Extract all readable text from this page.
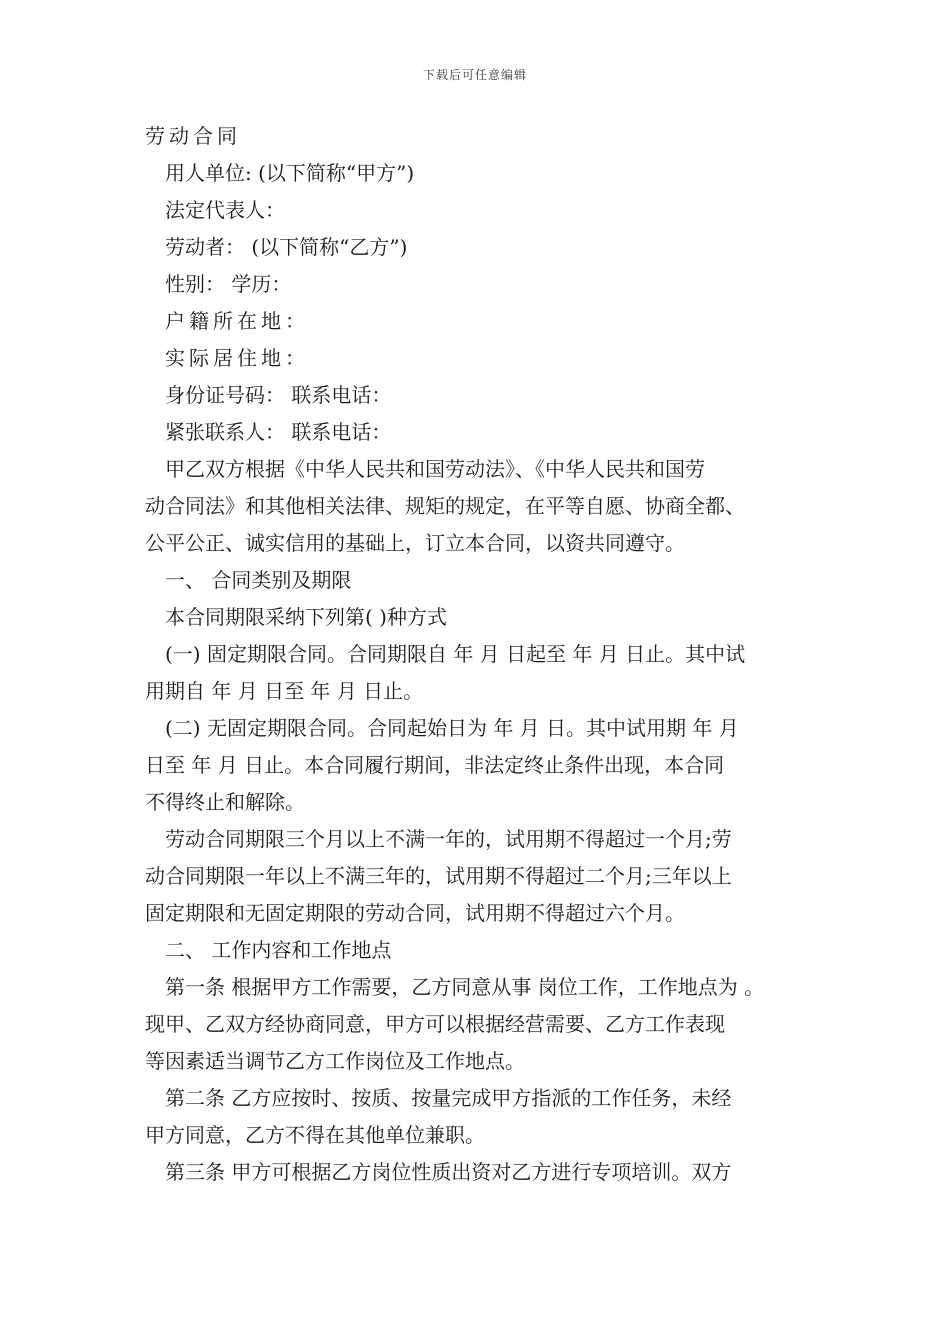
下载后可任意编辑
劳动合同
用人单位: (以下简称“甲方”)
法定代表人：
劳动者： (以下简称“乙方”)
性别： 学历：
户籍所在地：
实际居住地：
身份证号码： 联系电话：
紧张联系人： 联系电话：
甲乙双方根据《中华人民共和国劳动法》、《中华人民共和国劳
动合同法》和其他相关法律、规矩的规定，在平等自愿、协商全都、
公平公正、诚实信用的基础上，订立本合同，以资共同遵守。
一、 合同类别及期限
本合同期限采纳下列第( )种方式
(一) 固定期限合同。合同期限自 年 月 日起至 年 月 日止。其中试
用期自 年 月 日至 年 月 日止。
(二) 无固定期限合同。合同起始日为 年 月 日。其中试用期 年 月
日至 年 月 日止。本合同履行期间，非法定终止条件出现，本合同
不得终止和解除。
劳动合同期限三个月以上不满一年的，试用期不得超过一个月;劳
动合同期限一年以上不满三年的，试用期不得超过二个月;三年以上
固定期限和无固定期限的劳动合同，试用期不得超过六个月。
二、 工作内容和工作地点
第一条 根据甲方工作需要，乙方同意从事 岗位工作，工作地点为 。
现甲、乙双方经协商同意，甲方可以根据经营需要、乙方工作表现
等因素适当调节乙方工作岗位及工作地点。
第二条 乙方应按时、按质、按量完成甲方指派的工作任务，未经
甲方同意，乙方不得在其他单位兼职。
第三条 甲方可根据乙方岗位性质出资对乙方进行专项培训。双方
